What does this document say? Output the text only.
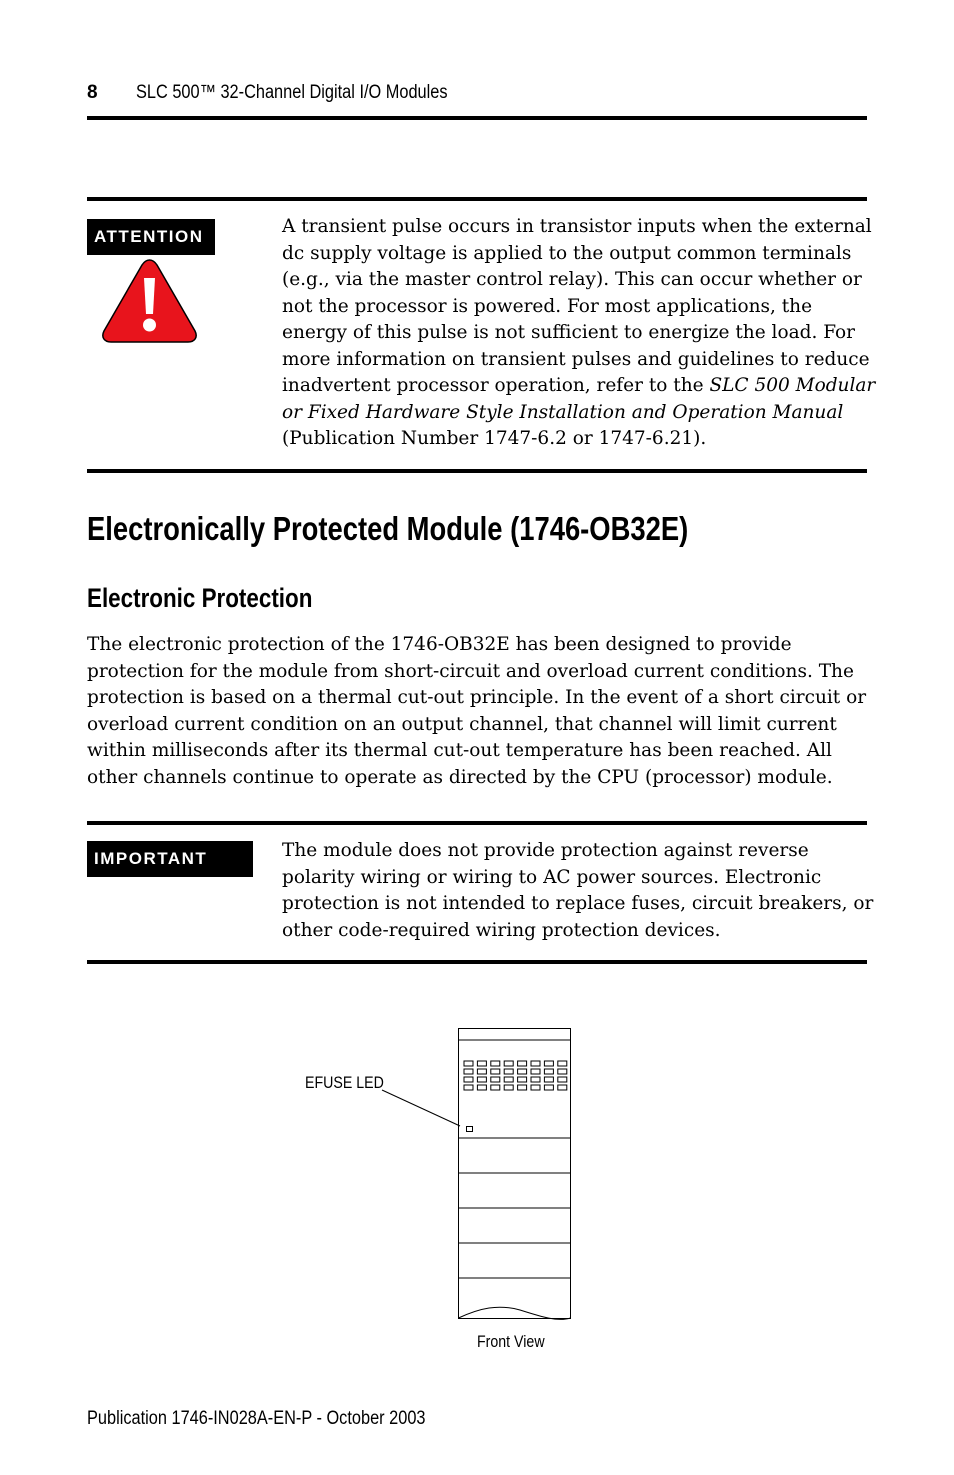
8 SLC 500™ 32-Channel Digital I/O Modules
ATTENTION	A transient pulse occurs in transistor inputs when the external
dc supply voltage is applied to the output common terminals
(e.g., via the master control relay). This can occur whether or
not the processor is powered. For most applications, the
energy of this pulse is not sufficient to energize the load. For
more information on transient pulses and guidelines to reduce
inadvertent processor operation, refer to the SLC 500 Modular
or Fixed Hardware Style Installation and Operation Manual
(Publication Number 1747-6.2 or 1747-6.21).
Electronically Protected Module (1746-OB32E)
Electronic Protection
The electronic protection of the 1746-OB32E has been designed to provide
protection for the module from short-circuit and overload current conditions. The
protection is based on a thermal cut-out principle. In the event of a short circuit or
overload current condition on an output channel, that channel will limit current
within milliseconds after its thermal cut-out temperature has been reached. All
other channels continue to operate as directed by the CPU (processor) module.
IMPORTANT	The module does not provide protection against reverse
polarity wiring or wiring to AC power sources. Electronic
protection is not intended to replace fuses, circuit breakers, or
other code-required wiring protection devices.
EFUSE LED
Front View
Publication 1746-IN028A-EN-P - October 2003
